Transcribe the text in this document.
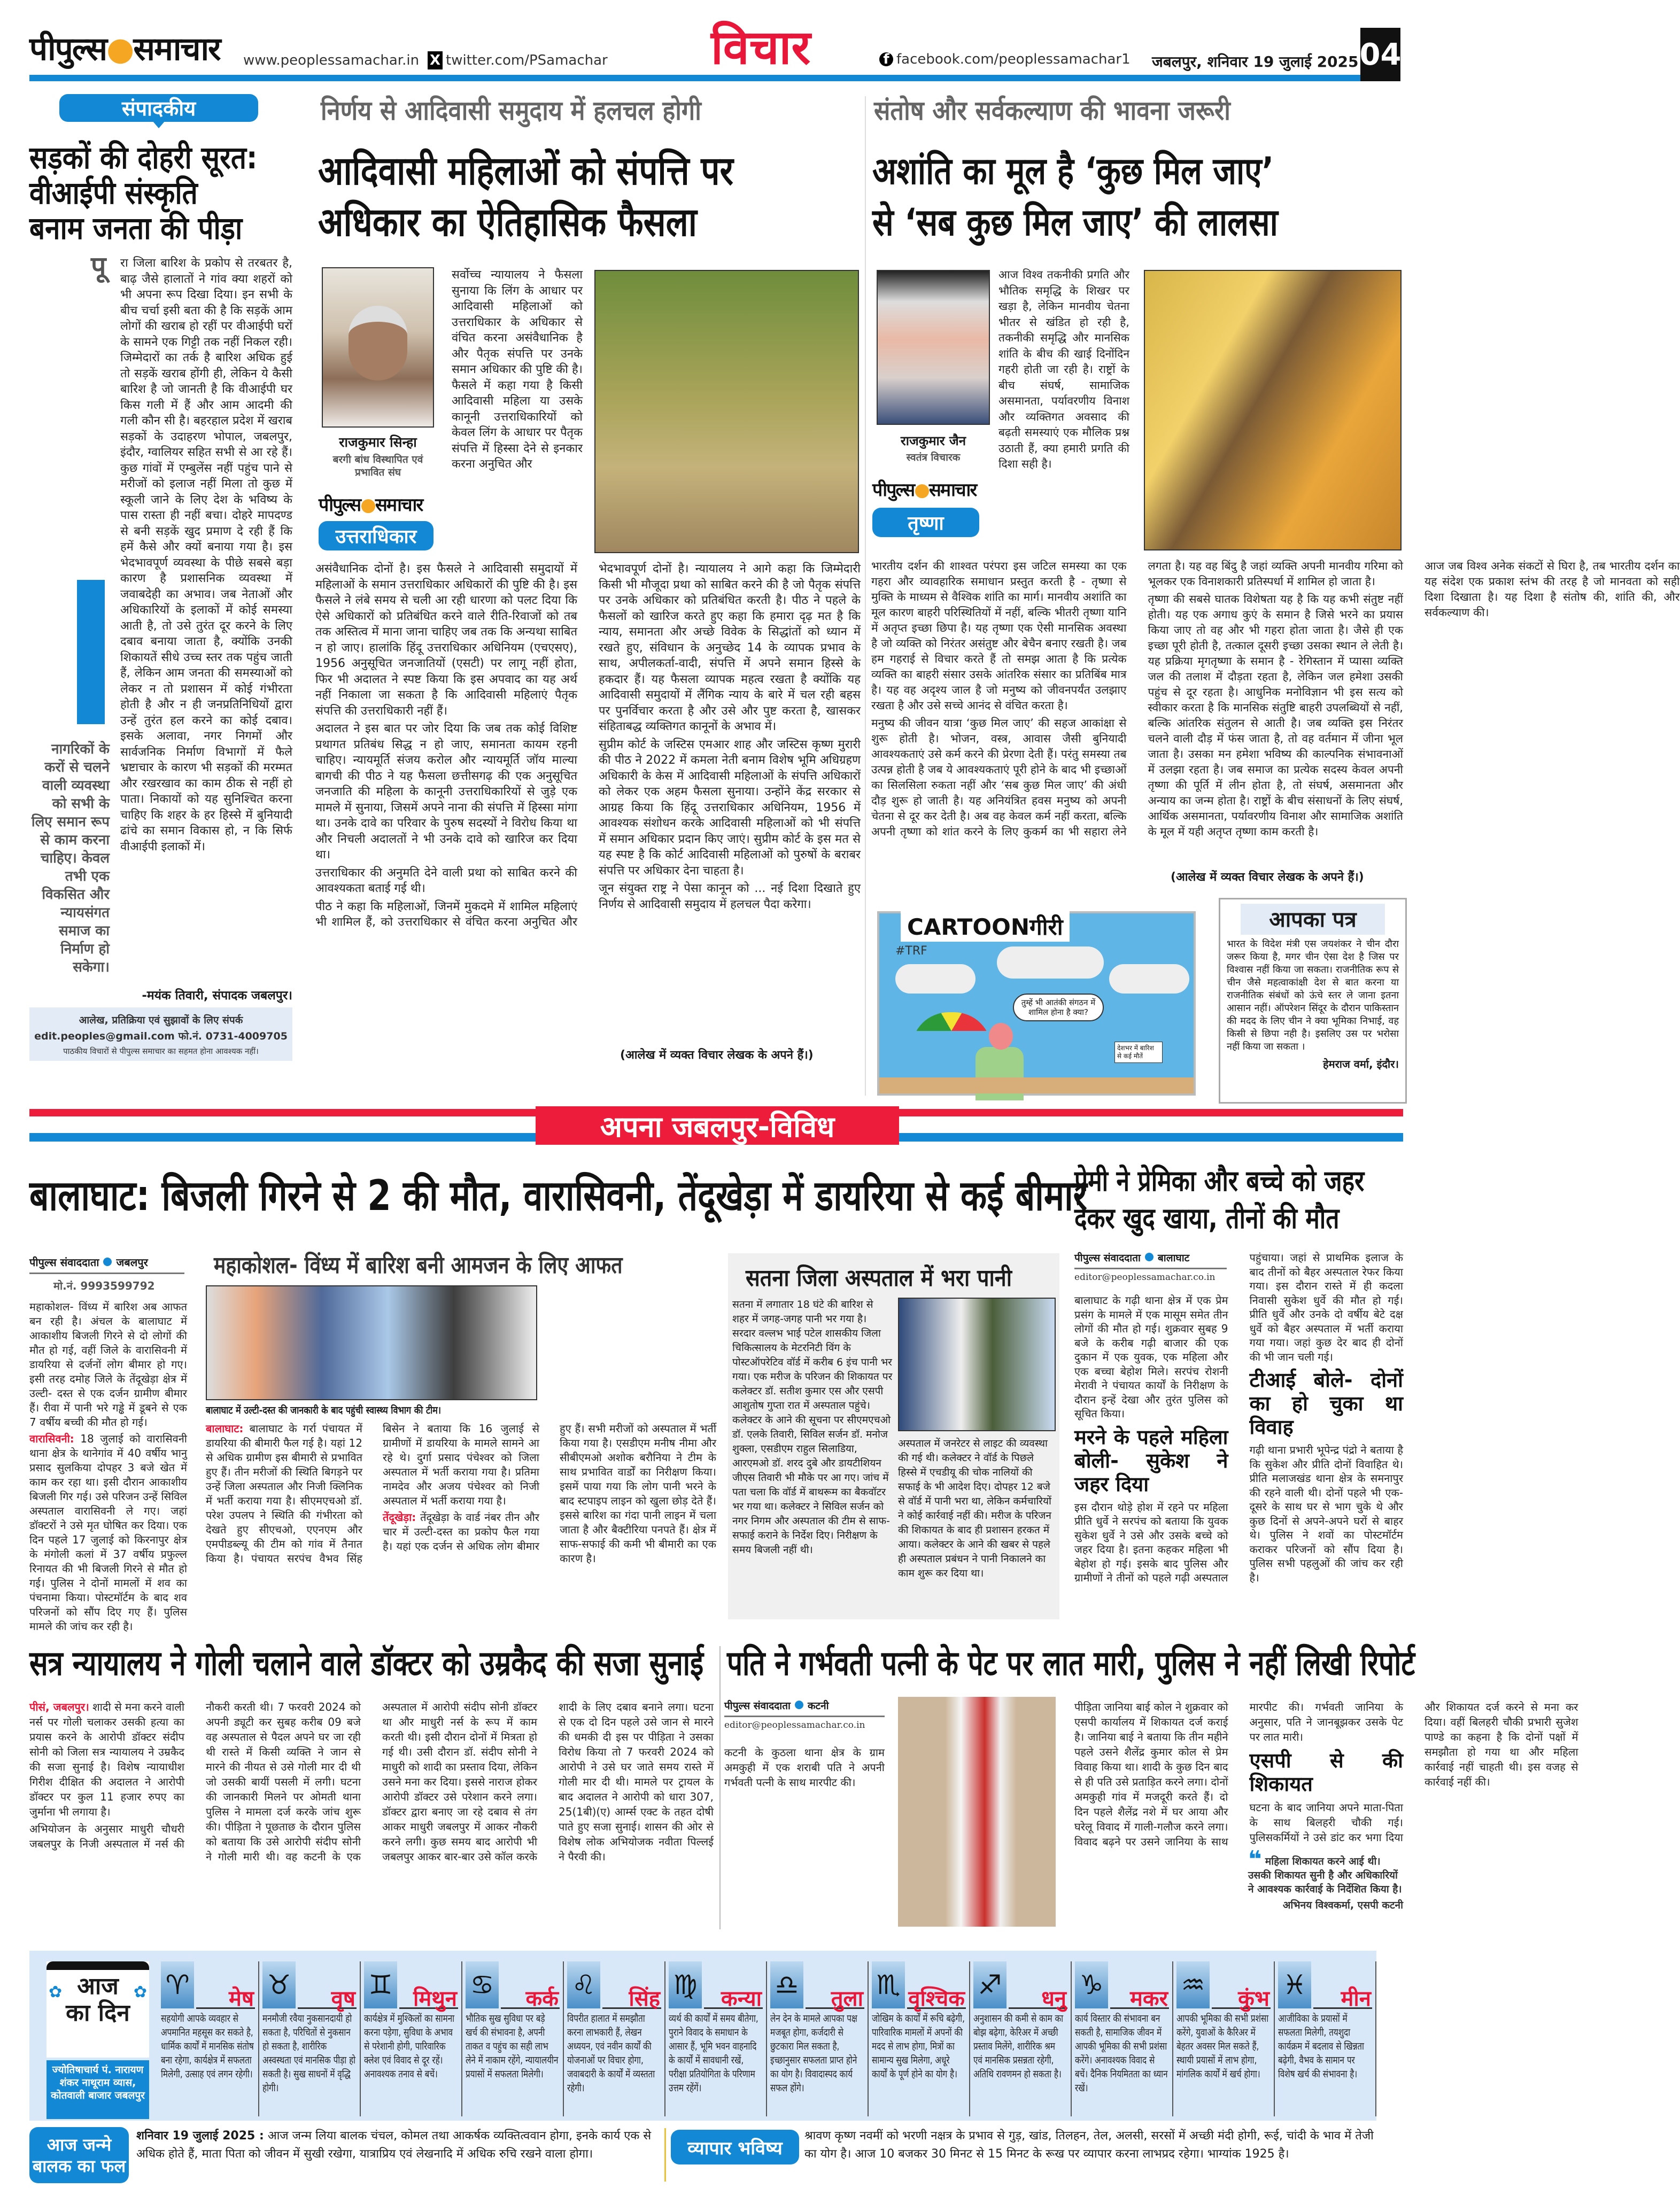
पीपुल्स●समाचार www.peoplessamachar.in X twitter.com/PSamachar विचार	f facebook.com/peoplessamachar1 जबलपुर, शनिवार 19 जुलाई 2025 04
संपादकीय
सड़कों की दोहरी सूरत:
वीआईपी संस्कृति
बनाम जनता की पीड़ा
पू रा जिला बारिश के प्रकोप से तरबतर है, बाढ़ जैसे हालातों ने गांव क्या शहरों को भी अपना रूप दिखा दिया। इन सभी के बीच चर्चा इसी बता की है कि सड़कें आम लोगों की खराब हो रहीं पर वीआईपी घरों के सामने एक गिट्टी तक नहीं निकल रही। जिम्मेदारों का तर्क है बारिश अधिक हुई तो सड़कें खराब होंगी ही, लेकिन ये कैसी बारिश है जो जानती है कि वीआईपी घर किस गली में हैं और आम आदमी की गली कौन सी है। बहरहाल प्रदेश में खराब सड़कों के उदाहरण भोपाल, जबलपुर, इंदौर, ग्वालियर सहित सभी से आ रहे हैं। कुछ गांवों में एम्बुलेंस नहीं पहुंच पाने से मरीजों को इलाज नहीं मिला तो कुछ में स्कूली जाने के लिए देश के भविष्य के पास रास्ता ही नहीं बचा। दोहरे मापदण्ड से बनी सड़कें खुद प्रमाण दे रही हैं कि हमें कैसे और क्यों बनाया गया है। इस भेदभावपूर्ण व्यवस्था के पीछे सबसे बड़ा कारण है प्रशासनिक व्यवस्था में जवाबदेही का अभाव। जब नेताओं और अधिकारियों के इलाकों में कोई समस्या आती है, तो उसे तुरंत दूर करने के लिए दबाव बनाया जाता है, क्योंकि उनकी शिकायतें सीधे उच्च स्तर तक पहुंच जाती हैं, लेकिन आम जनता की समस्याओं को लेकर न तो प्रशासन में कोई गंभीरता होती है और न ही जनप्रतिनिधियों द्वारा उन्हें तुरंत हल करने का कोई दबाव। इसके अलावा, नगर निगमों और सार्वजनिक निर्माण विभागों में फैले भ्रष्टाचार के कारण भी सड़कों की मरम्मत और रखरखाव का काम ठीक से नहीं हो पाता। निकायों को यह सुनिश्चित करना चाहिए कि शहर के हर हिस्से में बुनियादी ढांचे का समान विकास हो, न कि सिर्फ वीआईपी इलाकों में।

-मयंक तिवारी, संपादक जबलपुर।
नागरिकों के करों से चलने वाली व्यवस्था को सभी के लिए समान रूप से काम करना चाहिए। केवल तभी एक विकसित और न्यायसंगत समाज का निर्माण हो सकेगा।
आलेख, प्रतिक्रिया एवं सुझावों के लिए संपर्क
edit.peoples@gmail.com फो.नं. 0731-4009705
पाठकीय विचारों से पीपुल्स समाचार का सहमत होना आवश्यक नहीं।
निर्णय से आदिवासी समुदाय में हलचल होगी
आदिवासी महिलाओं को संपत्ति पर
अधिकार का ऐतिहासिक फैसला
राजकुमार सिन्हा
बरगी बांध विस्थापित एवं प्रभावित संघ
पीपुल्स●समाचार
उत्तराधिकार

सर्वोच्च न्यायालय ने फैसला सुनाया कि लिंग के आधार पर आदिवासी महिलाओं को उत्तराधिकार के अधिकार से वंचित करना असंवैधानिक है और पैतृक संपत्ति पर उनके समान अधिकार की पुष्टि की है। फैसले में कहा गया है किसी आदिवासी महिला या उसके कानूनी उत्तराधिकारियों को केवल लिंग के आधार पर पैतृक संपत्ति में हिस्सा देने से इनकार करना अनुचित और

असंवैधानिक दोनों है। इस फैसले ने आदिवासी समुदायों में महिलाओं के समान उत्तराधिकार अधिकारों की पुष्टि की है। इस फैसले ने लंबे समय से चली आ रही धारणा को पलट दिया कि ऐसे अधिकारों को प्रतिबंधित करने वाले रीति-रिवाजों को तब तक अस्तित्व में माना जाना चाहिए जब तक कि अन्यथा साबित न हो जाए। हालांकि हिंदू उत्तराधिकार अधिनियम (एचएसए), 1956 अनुसूचित जनजातियों (एसटी) पर लागू नहीं होता, फिर भी अदालत ने स्पष्ट किया कि इस अपवाद का यह अर्थ नहीं निकाला जा सकता है कि आदिवासी महिलाएं पैतृक संपत्ति की उत्तराधिकारी नहीं हैं।

अदालत ने इस बात पर जोर दिया कि जब तक कोई विशिष्ट प्रथागत प्रतिबंध सिद्ध न हो जाए, समानता कायम रहनी चाहिए। न्यायमूर्ति संजय करोल और न्यायमूर्ति जॉय माल्या बागची की पीठ ने यह फैसला छत्तीसगढ़ की एक अनुसूचित जनजाति की महिला के कानूनी उत्तराधिकारियों से जुड़े एक मामले में सुनाया, जिसमें अपने नाना की संपत्ति में हिस्सा मांगा था। उनके दावे का परिवार के पुरुष सदस्यों ने विरोध किया था और निचली अदालतों ने भी उनके दावे को खारिज कर दिया था।

उत्तराधिकार की अनुमति देने वाली प्रथा को साबित करने की आवश्यकता बताई गई थी।

पीठ ने कहा कि महिलाओं, जिनमें मुकदमे में शामिल महिलाएं भी शामिल हैं, को उत्तराधिकार से वंचित करना अनुचित और भेदभावपूर्ण दोनों है। न्यायालय ने आगे कहा कि जिम्मेदारी किसी भी मौजूदा प्रथा को साबित करने की है जो पैतृक संपत्ति पर उनके अधिकार को प्रतिबंधित करती है। पीठ ने पहले के फैसलों को खारिज करते हुए कहा कि हमारा दृढ़ मत है कि न्याय, समानता और अच्छे विवेक के सिद्धांतों को ध्यान में रखते हुए, संविधान के अनुच्छेद 14 के व्यापक प्रभाव के साथ, अपीलकर्ता-वादी, संपत्ति में अपने समान हिस्से के हकदार हैं। यह फैसला व्यापक महत्व रखता है क्योंकि यह आदिवासी समुदायों में लैंगिक न्याय के बारे में चल रही बहस पर पुनर्विचार करता है और उसे और पुष्ट करता है, खासकर संहिताबद्ध व्यक्तिगत कानूनों के अभाव में।

सुप्रीम कोर्ट के जस्टिस एमआर शाह और जस्टिस कृष्ण मुरारी की पीठ ने 2022 में कमला नेती बनाम विशेष भूमि अधिग्रहण अधिकारी के केस में आदिवासी महिलाओं के संपत्ति अधिकारों को लेकर एक अहम फैसला सुनाया। उन्होंने केंद्र सरकार से आग्रह किया कि हिंदू उत्तराधिकार अधिनियम, 1956 में आवश्यक संशोधन करके आदिवासी महिलाओं को भी संपत्ति में समान अधिकार प्रदान किए जाएं। सुप्रीम कोर्ट के इस मत से यह स्पष्ट है कि कोर्ट आदिवासी महिलाओं को पुरुषों के बराबर संपत्ति पर अधिकार देना चाहता है।

जून संयुक्त राष्ट्र ने पेसा कानून को ... नई दिशा दिखाते हुए निर्णय से आदिवासी समुदाय में हलचल पैदा करेगा।

(आलेख में व्यक्त विचार लेखक के अपने हैं।)
संतोष और सर्वकल्याण की भावना जरूरी
अशांति का मूल है ‘कुछ मिल जाए’
से ‘सब कुछ मिल जाए’ की लालसा
राजकुमार जैन
स्वतंत्र विचारक
पीपुल्स●समाचार
तृष्णा

आज विश्व तकनीकी प्रगति और भौतिक समृद्धि के शिखर पर खड़ा है, लेकिन मानवीय चेतना भीतर से खंडित हो रही है, तकनीकी समृद्धि और मानसिक शांति के बीच की खाई दिनोंदिन गहरी होती जा रही है। राष्ट्रों के बीच संघर्ष, सामाजिक असमानता, पर्यावरणीय विनाश और व्यक्तिगत अवसाद की बढ़ती समस्याएं एक मौलिक प्रश्न उठाती हैं, क्या हमारी प्रगति की दिशा सही है।

भारतीय दर्शन की शाश्वत परंपरा इस जटिल समस्या का एक गहरा और व्यावहारिक समाधान प्रस्तुत करती है - तृष्णा से मुक्ति के माध्यम से वैश्विक शांति का मार्ग। मानवीय अशांति का मूल कारण बाहरी परिस्थितियों में नहीं, बल्कि भीतरी तृष्णा यानि में अतृप्त इच्छा छिपा है। यह तृष्णा एक ऐसी मानसिक अवस्था है जो व्यक्ति को निरंतर असंतुष्ट और बेचैन बनाए रखती है। जब हम गहराई से विचार करते हैं तो समझ आता है कि प्रत्येक व्यक्ति का बाहरी संसार उसके आंतरिक संसार का प्रतिबिंब मात्र है। यह वह अदृश्य जाल है जो मनुष्य को जीवनपर्यंत उलझाए रखता है और उसे सच्चे आनंद से वंचित करता है।

मनुष्य की जीवन यात्रा ‘कुछ मिल जाए’ की सहज आकांक्षा से शुरू होती है। भोजन, वस्त्र, आवास जैसी बुनियादी आवश्यकताएं उसे कर्म करने की प्रेरणा देती हैं। परंतु समस्या तब उत्पन्न होती है जब ये आवश्यकताएं पूरी होने के बाद भी इच्छाओं का सिलसिला रुकता नहीं और ‘सब कुछ मिल जाए’ की अंधी दौड़ शुरू हो जाती है। यह अनियंत्रित हवस मनुष्य को अपनी चेतना से दूर कर देती है। अब वह केवल कर्म नहीं करता, बल्कि अपनी तृष्णा को शांत करने के लिए कुकर्म का भी सहारा लेने लगता है। यह वह बिंदु है जहां व्यक्ति अपनी मानवीय गरिमा को भूलकर एक विनाशकारी प्रतिस्पर्धा में शामिल हो जाता है।

तृष्णा की सबसे घातक विशेषता यह है कि यह कभी संतुष्ट नहीं होती। यह एक अगाध कुएं के समान है जिसे भरने का प्रयास किया जाए तो वह और भी गहरा होता जाता है। जैसे ही एक इच्छा पूरी होती है, तत्काल दूसरी इच्छा उसका स्थान ले लेती है। यह प्रक्रिया मृगतृष्णा के समान है - रेगिस्तान में प्यासा व्यक्ति जल की तलाश में दौड़ता रहता है, लेकिन जल हमेशा उसकी पहुंच से दूर रहता है। आधुनिक मनोविज्ञान भी इस सत्य को स्वीकार करता है कि मानसिक संतुष्टि बाहरी उपलब्धियों से नहीं, बल्कि आंतरिक संतुलन से आती है। जब व्यक्ति इस निरंतर चलने वाली दौड़ में फंस जाता है, तो वह वर्तमान में जीना भूल जाता है। उसका मन हमेशा भविष्य की काल्पनिक संभावनाओं में उलझा रहता है। जब समाज का प्रत्येक सदस्य केवल अपनी तृष्णा की पूर्ति में लीन होता है, तो संघर्ष, असमानता और अन्याय का जन्म होता है। राष्ट्रों के बीच संसाधनों के लिए संघर्ष, आर्थिक असमानता, पर्यावरणीय विनाश और सामाजिक अशांति के मूल में यही अतृप्त तृष्णा काम करती है।

आज जब विश्व अनेक संकटों से घिरा है, तब भारतीय दर्शन का यह संदेश एक प्रकाश स्तंभ की तरह है जो मानवता को सही दिशा दिखाता है। यह दिशा है संतोष की, शांति की, और सर्वकल्याण की।

(आलेख में व्यक्त विचार लेखक के अपने हैं।)
CARTOONगीरी
#TRF
तुम्हें भी आतंकी संगठन में शामिल होना है क्या?
देशभर में बारिश से कई मौतें
आपका पत्र
भारत के विदेश मंत्री एस जयशंकर ने चीन दौरा जरूर किया है, मगर चीन ऐसा देश है जिस पर विश्वास नहीं किया जा सकता। राजनीतिक रूप से चीन जैसे महत्वाकांक्षी देश से बात करना या राजनीतिक संबंधों को ऊंचे स्तर ले जाना इतना आसान नहीं। ऑपरेशन सिंदूर के दौरान पाकिस्तान की मदद के लिए चीन ने क्या भूमिका निभाई, वह किसी से छिपा नही है। इसलिए उस पर भरोसा नहीं किया जा सकता ।
हेमराज वर्मा, इंदौर।
अपना जबलपुर-विविध
बालाघाट: बिजली गिरने से 2 की मौत, वारासिवनी, तेंदूखेड़ा में डायरिया से कई बीमार
पीपुल्स संवाददाता जबलपुर
मो.नं. 9993599792
महाकोशल- विंध्य में बारिश बनी आमजन के लिए आफत
बालाघाट में उल्टी-दस्त की जानकारी के बाद पहुंची स्वास्थ्य विभाग की टीम।

महाकोशल- विंध्य में बारिश अब आफत बन रही है। अंचल के बालाघाट में आकाशीय बिजली गिरने से दो लोगों की मौत हो गई, वहीं जिले के वारासिवनी में डायरिया से दर्जनों लोग बीमार हो गए। इसी तरह दमोह जिले के तेंदूखेड़ा क्षेत्र में उल्टी- दस्त से एक दर्जन ग्रामीण बीमार हैं। रीवा में पानी भरे गड्ढे में डूबने से एक 7 वर्षीय बच्ची की मौत हो गई।

वारासिवनी: 18 जुलाई को वारासिवनी थाना क्षेत्र के थानेगांव में 40 वर्षीय भानु प्रसाद सुलकिया दोपहर 3 बजे खेत में काम कर रहा था। इसी दौरान आकाशीय बिजली गिर गई। उसे परिजन उन्हें सिविल अस्पताल वारासिवनी ले गए। जहां डॉक्टरों ने उसे मृत घोषित कर दिया। एक दिन पहले 17 जुलाई को किरनापुर क्षेत्र के मंगोली कलां में 37 वर्षीय प्रफुल्ल रिनायत की भी बिजली गिरने से मौत हो गई। पुलिस ने दोनों मामलों में शव का पंचनामा किया। पोस्टमॉर्टम के बाद शव परिजनों को सौंप दिए गए हैं। पुलिस मामले की जांच कर रही है।

बालाघाट: बालाघाट के गर्रा पंचायत में डायरिया की बीमारी फैल गई है। यहां 12 से अधिक ग्रामीण इस बीमारी से प्रभावित हुए हैं। तीन मरीजों की स्थिति बिगड़ने पर उन्हें जिला अस्पताल और निजी क्लिनिक में भर्ती कराया गया है। सीएमएचओ डॉ. परेश उपलप ने स्थिति की गंभीरता को देखते हुए सीएचओ, एएनएम और एमपीडब्ल्यू की टीम को गांव में तैनात किया है। पंचायत सरपंच वैभव सिंह बिसेन ने बताया कि 16 जुलाई से ग्रामीणों में डायरिया के मामले सामने आ रहे थे। दुर्गा प्रसाद पंचेश्वर को जिला अस्पताल में भर्ती कराया गया है। प्रतिमा नामदेव और अजय पंचेश्वर को निजी अस्पताल में भर्ती कराया गया है।

तेंदूखेड़ा: तेंदूखेड़ा के वार्ड नंबर तीन और चार में उल्टी-दस्त का प्रकोप फैल गया है। यहां एक दर्जन से अधिक लोग बीमार हुए हैं। सभी मरीजों को अस्पताल में भर्ती किया गया है। एसडीएम मनीष नीमा और सीबीएमओ अशोक बरौनिया ने टीम के साथ प्रभावित वार्डों का निरीक्षण किया। इसमें पाया गया कि लोग पानी भरने के बाद स्टपाइप लाइन को खुला छोड़ देते हैं। इससे बारिश का गंदा पानी लाइन में चला जाता है और बैक्टीरिया पनपते हैं। क्षेत्र में साफ-सफाई की कमी भी बीमारी का एक कारण है।

सतना जिला अस्पताल में भरा पानी
सतना में लगातार 18 घंटे की बारिश से शहर में जगह-जगह पानी भर गया है। सरदार वल्लभ भाई पटेल शासकीय जिला चिकित्सालय के मेटरनिटी विंग के पोस्टऑपरेटिव वॉर्ड में करीब 6 इंच पानी भर गया। एक मरीज के परिजन की शिकायत पर कलेक्टर डॉ. सतीश कुमार एस और एसपी आशुतोष गुप्ता रात में अस्पताल पहुंचे। कलेक्टर के आने की सूचना पर सीएमएचओ डॉ. एलके तिवारी, सिविल सर्जन डॉ. मनोज शुक्ला, एसडीएम राहुल सिलाडिया, आरएमओ डॉ. शरद दुबे और डायटीशियन जीएस तिवारी भी मौके पर आ गए। जांच में पता चला कि वॉर्ड में बाथरूम का बैकवॉटर भर गया था। कलेक्टर ने सिविल सर्जन को नगर निगम और अस्पताल की टीम से साफ-सफाई कराने के निर्देश दिए। निरीक्षण के समय बिजली नहीं थी।
अस्पताल में जनरेटर से लाइट की व्यवस्था की गई थी। कलेक्टर ने वॉर्ड के पिछले हिस्से में एचडीयू की चोक नालियों की सफाई के भी आदेश दिए। दोपहर 12 बजे से वॉर्ड में पानी भरा था, लेकिन कर्मचारियों ने कोई कार्रवाई नहीं की। मरीज के परिजन की शिकायत के बाद ही प्रशासन हरकत में आया। कलेक्टर के आने की खबर से पहले ही अस्पताल प्रबंधन ने पानी निकालने का काम शुरू कर दिया था।
प्रेमी ने प्रेमिका और बच्चे को जहर
देकर खुद खाया, तीनों की मौत
पीपुल्स संवाददाता बालाघाट
editor@peoplessamachar.co.in

बालाघाट के गढ़ी थाना क्षेत्र में एक प्रेम प्रसंग के मामले में एक मासूम समेत तीन लोगों की मौत हो गई। शुक्रवार सुबह 9 बजे के करीब गढ़ी बाजार की एक दुकान में एक युवक, एक महिला और एक बच्चा बेहोश मिले। सरपंच रोशनी मेरावी ने पंचायत कार्यों के निरीक्षण के दौरान इन्हें देखा और तुरंत पुलिस को सूचित किया।

मरने के पहले महिला बोली- सुकेश ने जहर दिया

इस दौरान थोड़े होश में रहने पर महिला प्रीति धुर्वे ने सरपंच को बताया कि युवक सुकेश धुर्वे ने उसे और उसके बच्चे को जहर दिया है। इतना कहकर महिला भी बेहोश हो गई। इसके बाद पुलिस और ग्रामीणों ने तीनों को पहले गढ़ी अस्पताल पहुंचाया। जहां से प्राथमिक इलाज के बाद तीनों को बैहर अस्पताल रेफर किया गया। इस दौरान रास्ते में ही कदला निवासी सुकेश धुर्वे की मौत हो गई। प्रीति धुर्वे और उनके दो वर्षीय बेटे दक्ष धुर्वे को बैहर अस्पताल में भर्ती कराया गया गया। जहां कुछ देर बाद ही दोनों की भी जान चली गई।

टीआई बोले- दोनों का हो चुका था विवाह

गढ़ी थाना प्रभारी भूपेन्द्र पंद्रो ने बताया है कि सुकेश और प्रीति दोनों विवाहित थे। प्रीति मलाजखंड थाना क्षेत्र के समनापुर की रहने वाली थी। दोनों पहले भी एक-दूसरे के साथ घर से भाग चुके थे और कुछ दिनों से अपने-अपने घरों से बाहर थे। पुलिस ने शवों का पोस्टमॉर्टम कराकर परिजनों को सौंप दिया है। पुलिस सभी पहलुओं की जांच कर रही है।

सत्र न्यायालय ने गोली चलाने वाले डॉक्टर को उम्रकैद की सजा सुनाई

पीसं, जबलपुर। शादी से मना करने वाली नर्स पर गोली चलाकर उसकी हत्या का प्रयास करने के आरोपी डॉक्टर संदीप सोनी को जिला सत्र न्यायालय ने उम्रकैद की सजा सुनाई है। विशेष न्यायाधीश गिरीश दीक्षित की अदालत ने आरोपी डॉक्टर पर कुल 11 हजार रुपए का जुर्माना भी लगाया है।

अभियोजन के अनुसार माधुरी चौधरी जबलपुर के निजी अस्पताल में नर्स की नौकरी करती थी। 7 फरवरी 2024 को अपनी ड्यूटी कर सुबह करीब 09 बजे वह अस्पताल से पैदल अपने घर जा रही थी रास्ते में किसी व्यक्ति ने जान से मारने की नीयत से उसे गोली मार दी थी जो उसकी बायीं पसली में लगी। घटना की जानकारी मिलने पर ओमती थाना पुलिस ने मामला दर्ज करके जांच शुरू की। पीड़िता ने पूछताछ के दौरान पुलिस को बताया कि उसे आरोपी संदीप सोनी ने गोली मारी थी। वह कटनी के एक अस्पताल में आरोपी संदीप सोनी डॉक्टर था और माधुरी नर्स के रूप में काम करती थी। इसी दौरान दोनों में मित्रता हो गई थी। उसी दौरान डॉ. संदीप सोनी ने माधुरी को शादी का प्रस्ताव दिया, लेकिन उसने मना कर दिया। इससे नाराज होकर आरोपी डॉक्टर उसे परेशान करने लगा। डॉक्टर द्वारा बनाए जा रहे दबाव से तंग आकर माधुरी जबलपुर में आकर नौकरी करने लगी। कुछ समय बाद आरोपी भी जबलपुर आकर बार-बार उसे कॉल करके शादी के लिए दबाव बनाने लगा। घटना से एक दो दिन पहले उसे जान से मारने की धमकी दी इस पर पीड़िता ने उसका विरोध किया तो 7 फरवरी 2024 को आरोपी ने उसे घर जाते समय रास्ते में गोली मार दी थी। मामले पर ट्रायल के बाद अदालत ने आरोपी को धारा 307, 25(1बी)(ए) आर्म्स एक्ट के तहत दोषी पाते हुए सजा सुनाई। शासन की ओर से विशेष लोक अभियोजक नवीता पिल्लई ने पैरवी की।

पति ने गर्भवती पत्नी के पेट पर लात मारी, पुलिस ने नहीं लिखी रिपोर्ट
पीपुल्स संवाददाता कटनी
editor@peoplessamachar.co.in
कटनी के कुठला थाना क्षेत्र के ग्राम अमकुही में एक शराबी पति ने अपनी गर्भवती पत्नी के साथ मारपीट की।

पीड़िता जानिया बाई कोल ने शुक्रवार को एसपी कार्यालय में शिकायत दर्ज कराई है। जानिया बाई ने बताया कि तीन महीने पहले उसने शैलेंद्र कुमार कोल से प्रेम विवाह किया था। शादी के कुछ दिन बाद से ही पति उसे प्रताड़ित करने लगा। दोनों अमकुही गांव में मजदूरी करते हैं। दो दिन पहले शैलेंद्र नशे में घर आया और घरेलू विवाद में गाली-गलौज करने लगा। विवाद बढ़ने पर उसने जानिया के साथ मारपीट की। गर्भवती जानिया के अनुसार, पति ने जानबूझकर उसके पेट पर लात मारी।

एसपी से की शिकायत

घटना के बाद जानिया अपने माता-पिता के साथ बिलहरी चौकी गई। पुलिसकर्मियों ने उसे डांट कर भगा दिया और शिकायत दर्ज करने से मना कर दिया। वहीं बिलहरी चौकी प्रभारी सुजेश पाण्डे का कहना है कि दोनों पक्षों में समझौता हो गया था और महिला कार्रवाई नहीं चाहती थी। इस वजह से कार्रवाई नहीं की।

❝ महिला शिकायत करने आई थी। उसकी शिकायत सुनी है और अधिकारियों ने आवश्यक कार्रवाई के निर्देशित किया है।
अभिनय विश्वकर्मा, एसपी कटनी
आज का दिन
✿	✿
ज्योतिषाचार्य पं. नारायण शंकर नाथूराम व्यास, कोतवाली बाजार जबलपुर
♈ मेष
सहयोगी आपके व्यवहार से अपमानित महसूस कर सकते है, धार्मिक कार्यों में मानसिक संतोष बना रहेगा, कार्यक्षेत्र में सफलता मिलेगी, उत्साह एवं लगन रहेगी।
♉ वृष
मनमौजी रवैया नुकसानदायी हो सकता है, परिचितों से नुकसान हो सकता है, शारीरिक अस्वस्थता एवं मानसिक पीड़ा हो सकती है। सुख साधनों में वृद्धि होगी।
♊ मिथुन
कार्यक्षेत्र में मुश्किलों का सामना करना पड़ेगा, सुविधा के अभाव से परेशानी होगी, पारिवारिक क्लेश एवं विवाद से दूर रहें। अनावश्यक तनाव से बचें।
♋ कर्क
भौतिक सुख सुविधा पर बड़े खर्च की संभावना है, अपनी ताकत व पहुंच का सही लाभ लेने में नाकाम रहेंगे, न्यायालयीन प्रयासों में सफलता मिलेगी।
♌ सिंह
विपरीत हालात में समझौता करना लाभकारी हैं, लेखन अध्ययन, एवं नवीन कार्यों की योजनाओं पर विचार होगा, जवाबदारी के कार्यों में व्यस्तता रहेगी।
♍ कन्या
व्यर्थ की कार्यों में समय बीतेगा, पुराने विवाद के समाधान के आसार हैं, भूमि भवन वाहनादि के कार्यों में सावधानी रखें, परीक्षा प्रतियोगिता के परिणाम उत्तम रहेंगें।
♎ तुला
लेन देन के मामले आपका पक्ष मजबूत होगा, कर्जदारी से छुटकारा मिल सकता है, इच्छानुसार सफलता प्राप्त होने का योग है। विवादास्पद कार्य सफल होंगे।
♏ वृश्चिक
जोखिम के कार्यों में रूचि बढ़ेगी, पारिवारिक मामलों में अपनों की मदद से लाभ होगा, मित्रों का सामान्य सुख मिलेगा, अधूरे कार्यों के पूर्ण होने का योग है।
♐ धनु
अनुशासन की कमी से काम का बोझ बढ़ेगा, केरिअर में अच्छी प्रस्ताव मिलेंगे, शारीरिक श्रम एवं मानसिक प्रसन्नता रहेगी, अतिथि रावणमन हो सकता है।
♑ मकर
कार्य विस्तार की संभावना बन सकती है, सामाजिक जीवन में आपकी भूमिका की सभी प्रशंसा करेंगे। अनावश्यक विवाद से बचें। दैनिक नियमितता का ध्यान रखें।
♒ कुंभ
आपकी भूमिका की सभी प्रशंसा करेंगे, युवाओं के कैरिअर में बेहतर अवसर मिल सकते हैं, स्थायी प्रयासों में लाभ होगा, मांगलिक कार्यों में खर्च होगा।
♓ मीन
आजीविका के प्रयासों में सफलता मिलेगी, तयशुदा कार्यक्रम में बदलाव से खिन्नता बढ़ेगी, वैभव के सामान पर विशेष खर्च की संभावना है।
आज जन्मे बालक का फल
शनिवार 19 जुलाई 2025 : आज जन्म लिया बालक चंचल, कोमल तथा आकर्षक व्यक्तित्ववान होगा, इनके कार्य एक से अधिक होते हैं, माता पिता को जीवन में सुखी रखेगा, यात्राप्रिय एवं लेखनादि में अधिक रुचि रखने वाला होगा।	व्यापार भविष्य
श्रावण कृष्ण नवमीं को भरणी नक्षत्र के प्रभाव से गुड़, खांड, तिलहन, तेल, अलसी, सरसों में अच्छी मंदी होगी, रूई, चांदी के भाव में तेजी का योग है। आज 10 बजकर 30 मिनट से 15 मिनट के रूख पर व्यापार करना लाभप्रद रहेगा। भाग्यांक 1925 है।
